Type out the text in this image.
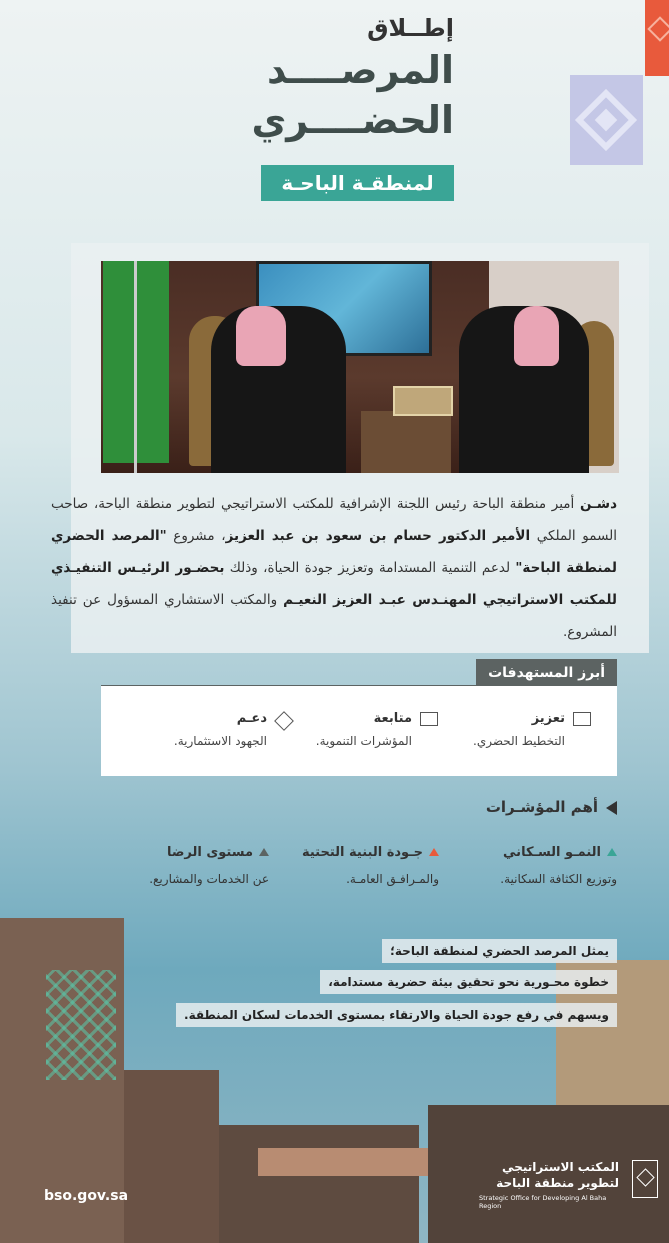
إطــلاق
المرصــــد
الحضــــري
لمنطقـة الباحـة
دشـن أمير منطقة الباحة رئيس اللجنة الإشرافية للمكتب الاستراتيجي لتطوير منطقة الباحة، صاحب السمو الملكي الأمير الدكتور حسام بن سعود بن عبد العزيز، مشروع "المرصد الحضري لمنطقة الباحة" لدعم التنمية المستدامة وتعزيز جودة الحياة، وذلك بحضـور الرئيـس التنفيـذي للمكتب الاستراتيجي المهنـدس عبـد العزيز النعيـم والمكتب الاستشاري المسؤول عن تنفيذ المشروع.
أبرز المستهدفات
تعزيز
التخطيط الحضري.
متابعة
المؤشرات التنموية.
دعـم
الجهود الاستثمارية.
أهم المؤشـرات
النمـو السـكاني
وتوزيع الكثافة السكانية.
جـودة البنية التحتية
والمـرافـق العامـة.
مستوى الرضا
عن الخدمات والمشاريع.
يمثل المرصد الحضري لمنطقة الباحة؛
خطوة محـورية نحو تحقيق بيئة حضرية مستدامة،
ويسهم في رفع جودة الحياة والارتقاء بمستوى الخدمات لسكان المنطقة.
bso.gov.sa
المكتب الاستراتيجي
لتطوير منطقة الباحة
Strategic Office for Developing Al Baha Region
